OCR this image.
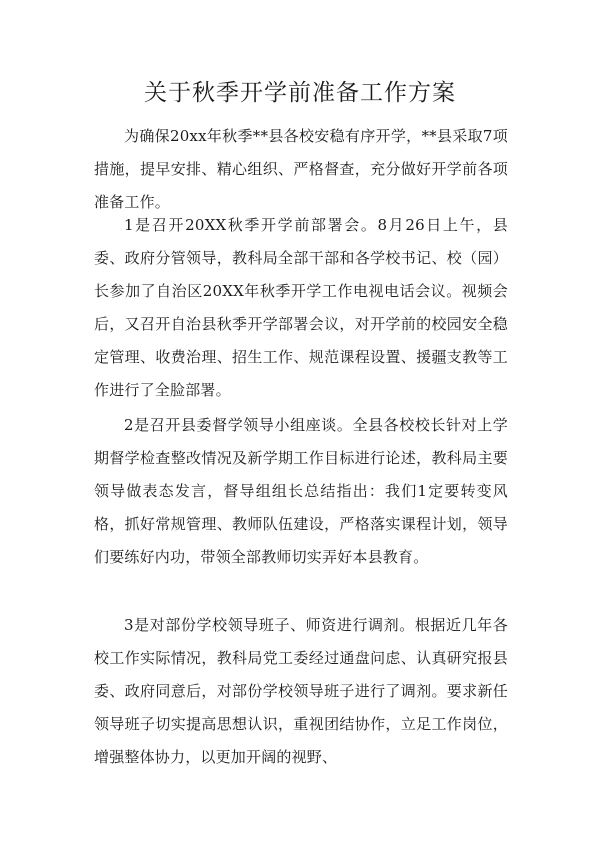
关于秋季开学前准备工作方案

为确保20xx年秋季**县各校安稳有序开学，**县采取7项措施，提早安排、精心组织、严格督查，充分做好开学前各项准备工作。

1是召开20XX秋季开学前部署会。8月26日上午，县委、政府分管领导，教科局全部干部和各学校书记、校（园）长参加了自治区20XX年秋季开学工作电视电话会议。视频会后，又召开自治县秋季开学部署会议，对开学前的校园安全稳定管理、收费治理、招生工作、规范课程设置、援疆支教等工作进行了全脸部署。

2是召开县委督学领导小组座谈。全县各校校长针对上学期督学检查整改情况及新学期工作目标进行论述，教科局主要领导做表态发言，督导组组长总结指出：我们1定要转变风格，抓好常规管理、教师队伍建设，严格落实课程计划，领导们要练好内功，带领全部教师切实弄好本县教育。

3是对部份学校领导班子、师资进行调剂。根据近几年各校工作实际情况，教科局党工委经过通盘问虑、认真研究报县委、政府同意后，对部份学校领导班子进行了调剂。要求新任领导班子切实提高思想认识，重视团结协作，立足工作岗位，增强整体协力，以更加开阔的视野、
